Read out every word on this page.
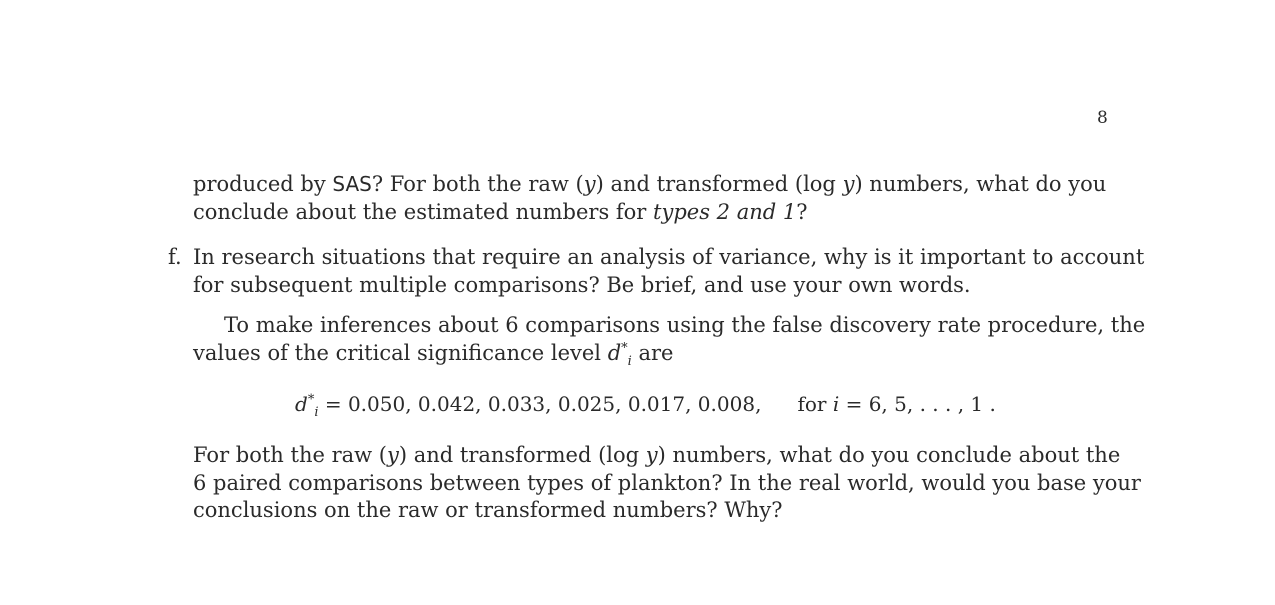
8
produced by SAS? For both the raw (y) and transformed (log y) numbers, what do you
conclude about the estimated numbers for types 2 and 1?
f. In research situations that require an analysis of variance, why is it important to account
for subsequent multiple comparisons? Be brief, and use your own words.
To make inferences about 6 comparisons using the false discovery rate procedure, the
values of the critical significance level $d^*_i$ are
$d^*_i = 0.050$, 0.042, 0.033, 0.025, 0.017, 0.008, for i = 6, 5, . . . , 1 .
For both the raw (y) and transformed (log y) numbers, what do you conclude about the
6 paired comparisons between types of plankton? In the real world, would you base your
conclusions on the raw or transformed numbers? Why?
